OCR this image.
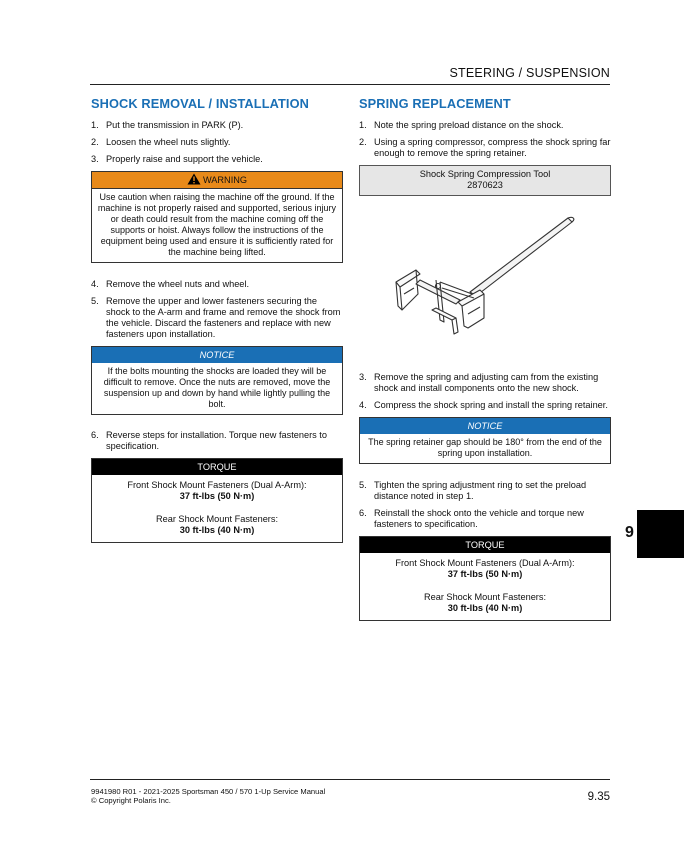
STEERING / SUSPENSION
SHOCK REMOVAL / INSTALLATION
1. Put the transmission in PARK (P).
2. Loosen the wheel nuts slightly.
3. Properly raise and support the vehicle.
WARNING
Use caution when raising the machine off the ground. If the machine is not properly raised and supported, serious injury or death could result from the machine coming off the supports or hoist. Always follow the instructions of the equipment being used and ensure it is sufficiently rated for the machine being lifted.
4. Remove the wheel nuts and wheel.
5. Remove the upper and lower fasteners securing the shock to the A-arm and frame and remove the shock from the vehicle. Discard the fasteners and replace with new fasteners upon installation.
NOTICE
If the bolts mounting the shocks are loaded they will be difficult to remove. Once the nuts are removed, move the suspension up and down by hand while lightly pulling the bolt.
6. Reverse steps for installation. Torque new fasteners to specification.
TORQUE
Front Shock Mount Fasteners (Dual A-Arm):
37 ft-lbs (50 N·m)
Rear Shock Mount Fasteners:
30 ft-lbs (40 N·m)
SPRING REPLACEMENT
1. Note the spring preload distance on the shock.
2. Using a spring compressor, compress the shock spring far enough to remove the spring retainer.
Shock Spring Compression Tool
2870623
3. Remove the spring and adjusting cam from the existing shock and install components onto the new shock.
4. Compress the shock spring and install the spring retainer.
NOTICE
The spring retainer gap should be 180° from the end of the spring upon installation.
5. Tighten the spring adjustment ring to set the preload distance noted in step 1.
6. Reinstall the shock onto the vehicle and torque new fasteners to specification.
TORQUE
Front Shock Mount Fasteners (Dual A-Arm):
37 ft-lbs (50 N·m)
Rear Shock Mount Fasteners:
30 ft-lbs (40 N·m)
9
9941980 R01 - 2021-2025 Sportsman 450 / 570 1-Up Service Manual
© Copyright Polaris Inc.	9.35
